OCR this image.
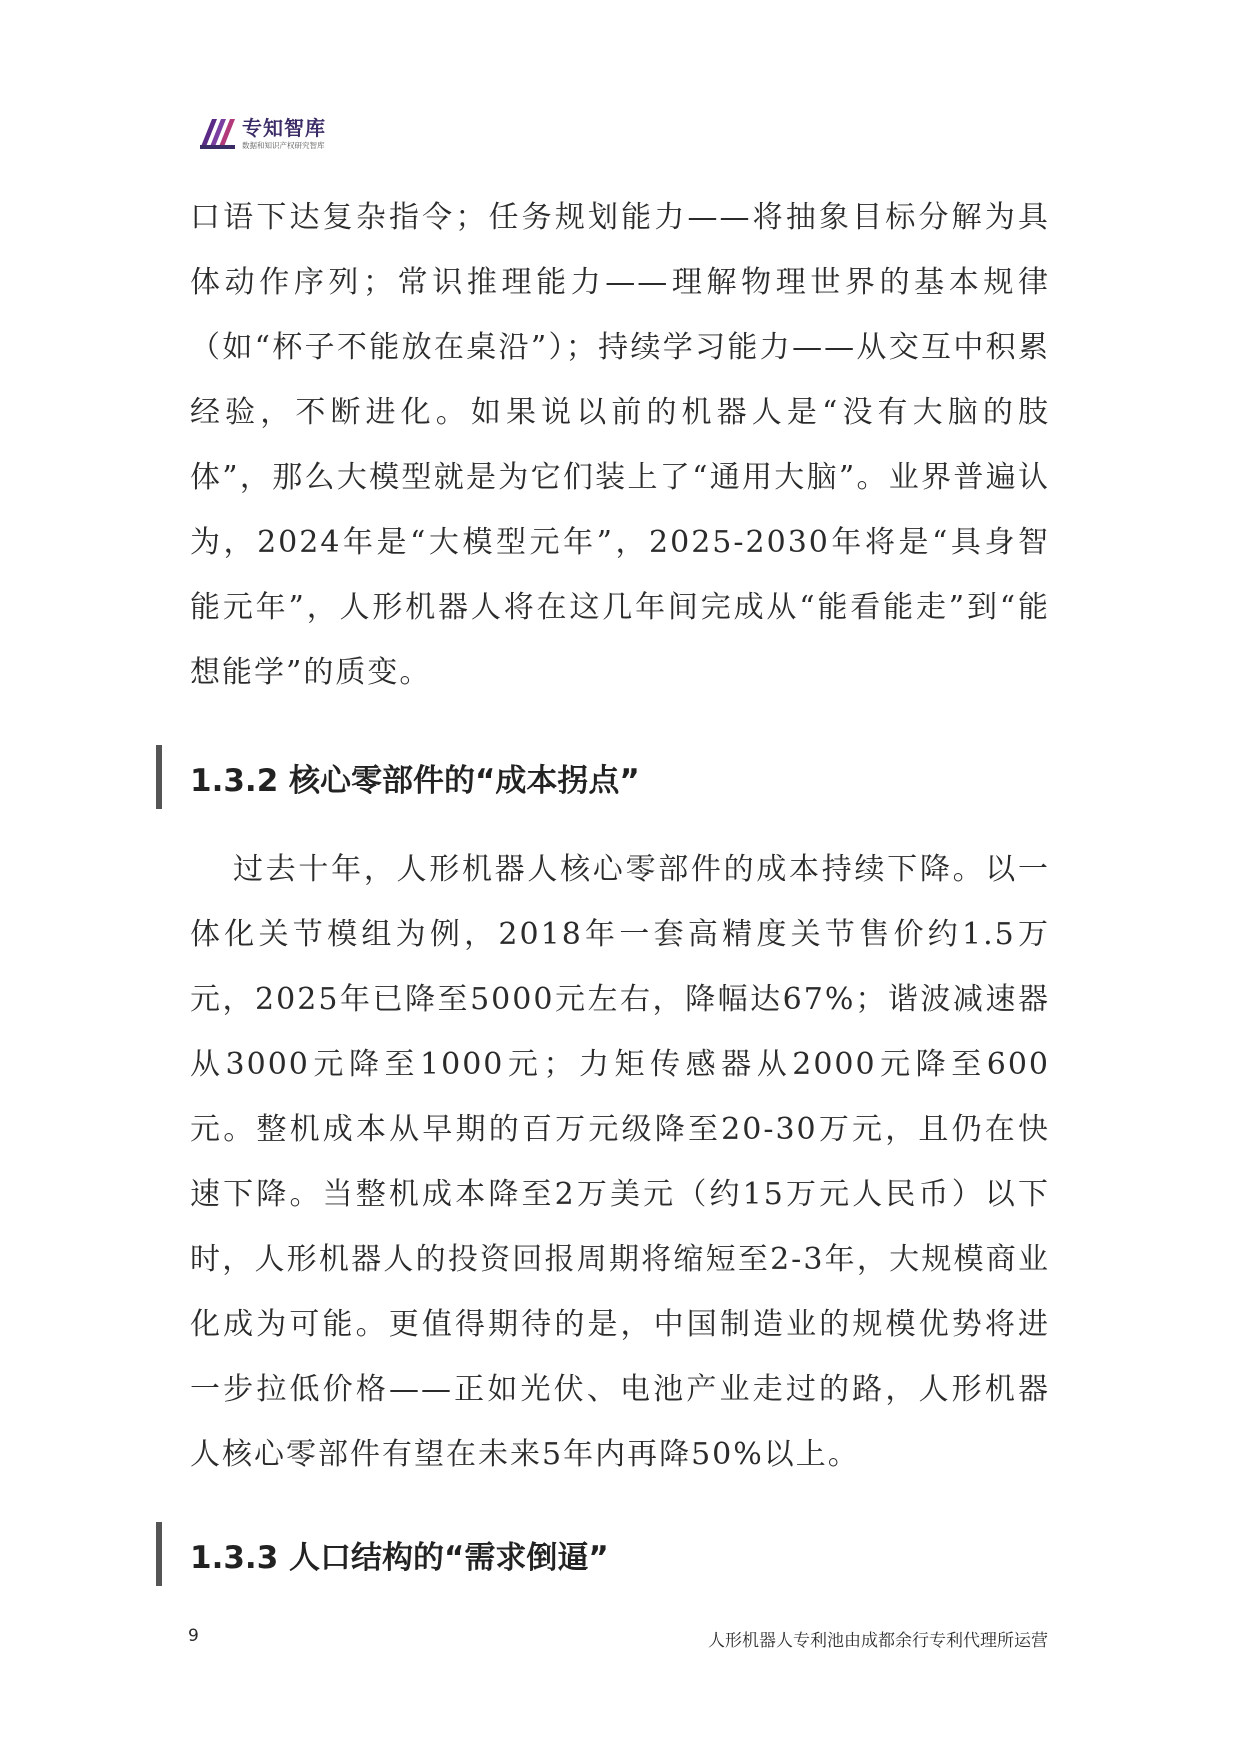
专知智库
数据和知识产权研究智库

口语下达复杂指令；任务规划能力——将抽象目标分解为具体动作序列；常识推理能力——理解物理世界的基本规律（如“杯子不能放在桌沿”）；持续学习能力——从交互中积累经验，不断进化。如果说以前的机器人是“没有大脑的肢体”，那么大模型就是为它们装上了“通用大脑”。业界普遍认为，2024年是“大模型元年”，2025-2030年将是“具身智能元年”，人形机器人将在这几年间完成从“能看能走”到“能想能学”的质变。

1.3.2 核心零部件的“成本拐点”

过去十年，人形机器人核心零部件的成本持续下降。以一体化关节模组为例，2018年一套高精度关节售价约1.5万元，2025年已降至5000元左右，降幅达67%；谐波减速器从3000元降至1000元；力矩传感器从2000元降至600元。整机成本从早期的百万元级降至20-30万元，且仍在快速下降。当整机成本降至2万美元（约15万元人民币）以下时，人形机器人的投资回报周期将缩短至2-3年，大规模商业化成为可能。更值得期待的是，中国制造业的规模优势将进一步拉低价格——正如光伏、电池产业走过的路，人形机器人核心零部件有望在未来5年内再降50%以上。

1.3.3 人口结构的“需求倒逼”
9	人形机器人专利池由成都余行专利代理所运营
